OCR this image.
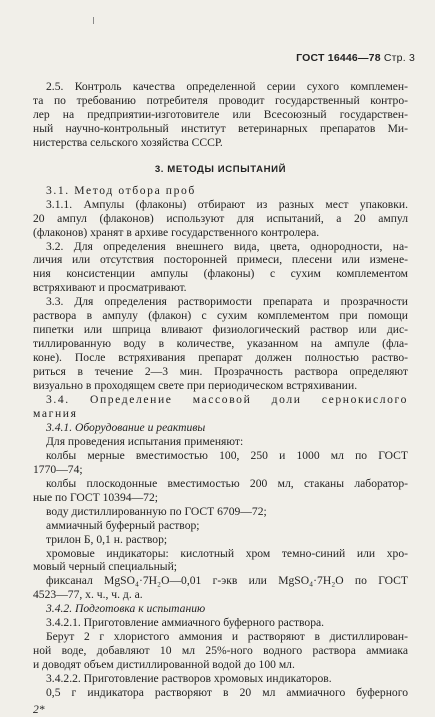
ГОСТ 16446—78 Стр. 3
2.5. Контроль качества определенной серии сухого комплемен-
та по требованию потребителя проводит государственный контрo-
лер на предприятии-изготовителе или Всесоюзный государствен-
ный научно-контрольный институт ветеринарных препаратов Ми-
нистерства сельского хозяйства СССР.
3. МЕТОДЫ ИСПЫТАНИЙ
3.1. Метод отбора проб
3.1.1. Ампулы (флаконы) отбирают из разных мест упаковки.
20 ампул (флаконов) используют для испытаний, а 20 ампул
(флаконов) хранят в архиве государственного контролера.
3.2. Для определения внешнего вида, цвета, однородности, на-
личия или отсутствия посторонней примеси, плесени или измене-
ния консистенции ампулы (флаконы) с сухим комплементом
встряхивают и просматривают.
3.3. Для определения растворимости препарата и прозрачности
раствора в ампулу (флакон) с сухим комплементом при помощи
пипетки или шприца вливают физиологический раствор или дис-
тиллированную воду в количестве, указанном на ампуле (фла-
коне). После встряхивания препарат должен полностью раство-
риться в течение 2—3 мин. Прозрачность раствора определяют
визуально в проходящем свете при периодическом встряхивании.
3.4. Определение массовой доли сернокислого
магния
3.4.1. Оборудование и реактивы
Для проведения испытания применяют:
колбы мерные вместимостью 100, 250 и 1000 мл по ГОСТ
1770—74;
колбы плоскодонные вместимостью 200 мл, стаканы лаборатор-
ные по ГОСТ 10394—72;
воду дистиллированную по ГОСТ 6709—72;
аммиачный буферный раствор;
трилон Б, 0,1 н. раствор;
хромовые индикаторы: кислотный хром темно-синий или хро-
мовый черный специальный;
фиксанал MgSO₄·7H₂O—0,01 г-экв или MgSO₄·7H₂O по ГОСТ
4523—77, х. ч., ч. д. а.
3.4.2. Подготовка к испытанию
3.4.2.1. Приготовление аммиачного буферного раствора.
Берут 2 г хлористого аммония и растворяют в дистиллирован-
ной воде, добавляют 10 мл 25%-ного водного раствора аммиака
и доводят объем дистиллированной водой до 100 мл.
3.4.2.2. Приготовление растворов хромовых индикаторов.
0,5 г индикатора растворяют в 20 мл аммиачного буферного
2*
